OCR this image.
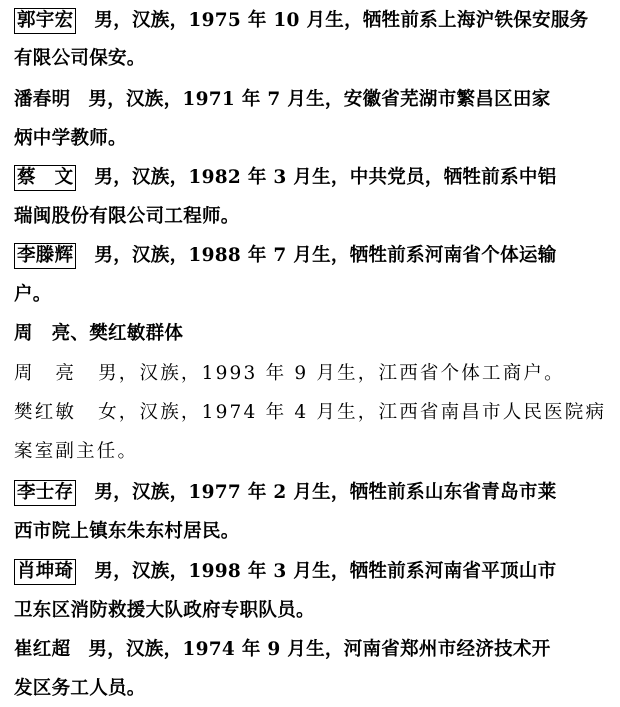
郭宇宏 男，汉族，1975 年 10 月生，牺牲前系上海沪铁保安服务
有限公司保安。
潘春明 男，汉族，1971 年 7 月生，安徽省芜湖市繁昌区田家
炳中学教师。
蔡　文 男，汉族，1982 年 3 月生，中共党员，牺牲前系中铝
瑞闽股份有限公司工程师。
李滕辉 男，汉族，1988 年 7 月生，牺牲前系河南省个体运输
户。
周　亮、樊红敏群体
周　亮 男，汉族，1993 年 9 月生，江西省个体工商户。
樊红敏 女，汉族，1974 年 4 月生，江西省南昌市人民医院病
案室副主任。
李士存 男，汉族，1977 年 2 月生，牺牲前系山东省青岛市莱
西市院上镇东朱东村居民。
肖坤琦 男，汉族，1998 年 3 月生，牺牲前系河南省平顶山市
卫东区消防救援大队政府专职队员。
崔红超 男，汉族，1974 年 9 月生，河南省郑州市经济技术开
发区务工人员。
